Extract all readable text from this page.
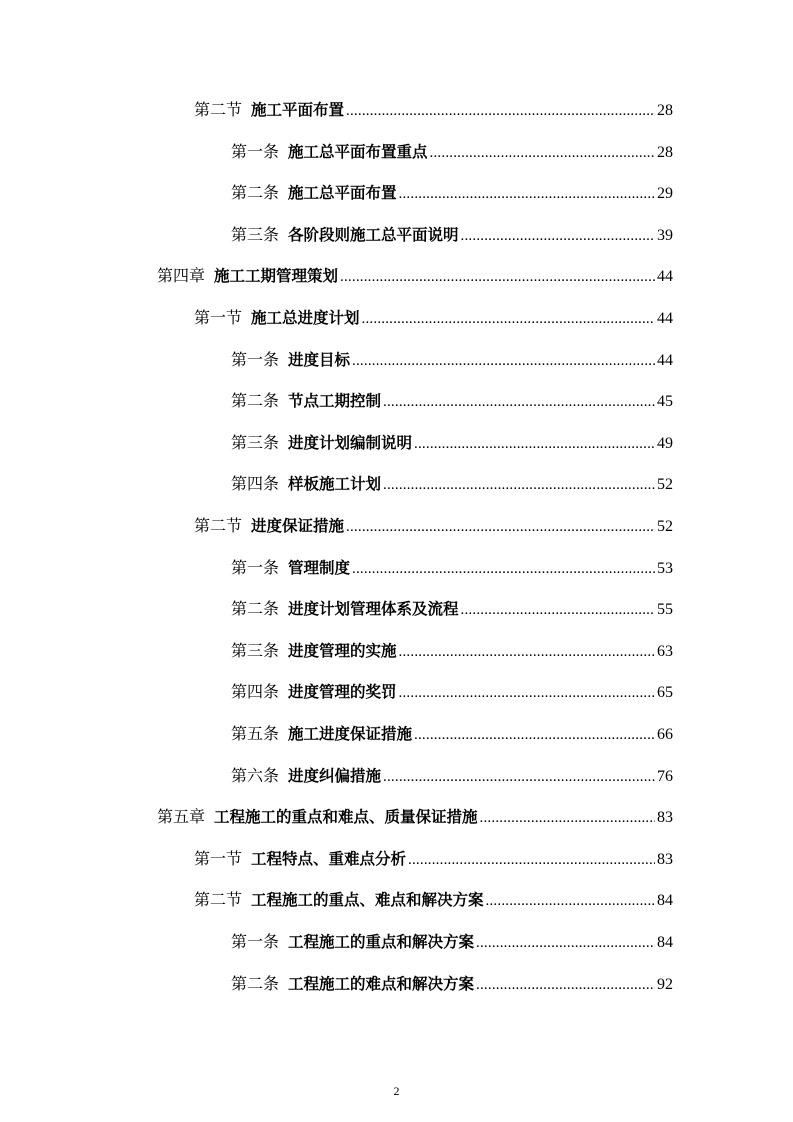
第二节 施工平面布置 .....	28
第一条 施工总平面布置重点 .....	28
第二条 施工总平面布置 .....	29
第三条 各阶段则施工总平面说明 .....	39
第四章 施工工期管理策划 .....	44
第一节 施工总进度计划 .....	44
第一条 进度目标 .....	44
第二条 节点工期控制 .....	45
第三条 进度计划编制说明 .....	49
第四条 样板施工计划 .....	52
第二节 进度保证措施 .....	52
第一条 管理制度 .....	53
第二条 进度计划管理体系及流程 .....	55
第三条 进度管理的实施 .....	63
第四条 进度管理的奖罚 .....	65
第五条 施工进度保证措施 .....	66
第六条 进度纠偏措施 .....	76
第五章 工程施工的重点和难点、质量保证措施 .....	83
第一节 工程特点、重难点分析 .....	83
第二节 工程施工的重点、难点和解决方案 .....	84
第一条 工程施工的重点和解决方案 .....	84
第二条 工程施工的难点和解决方案 .....	92
2
